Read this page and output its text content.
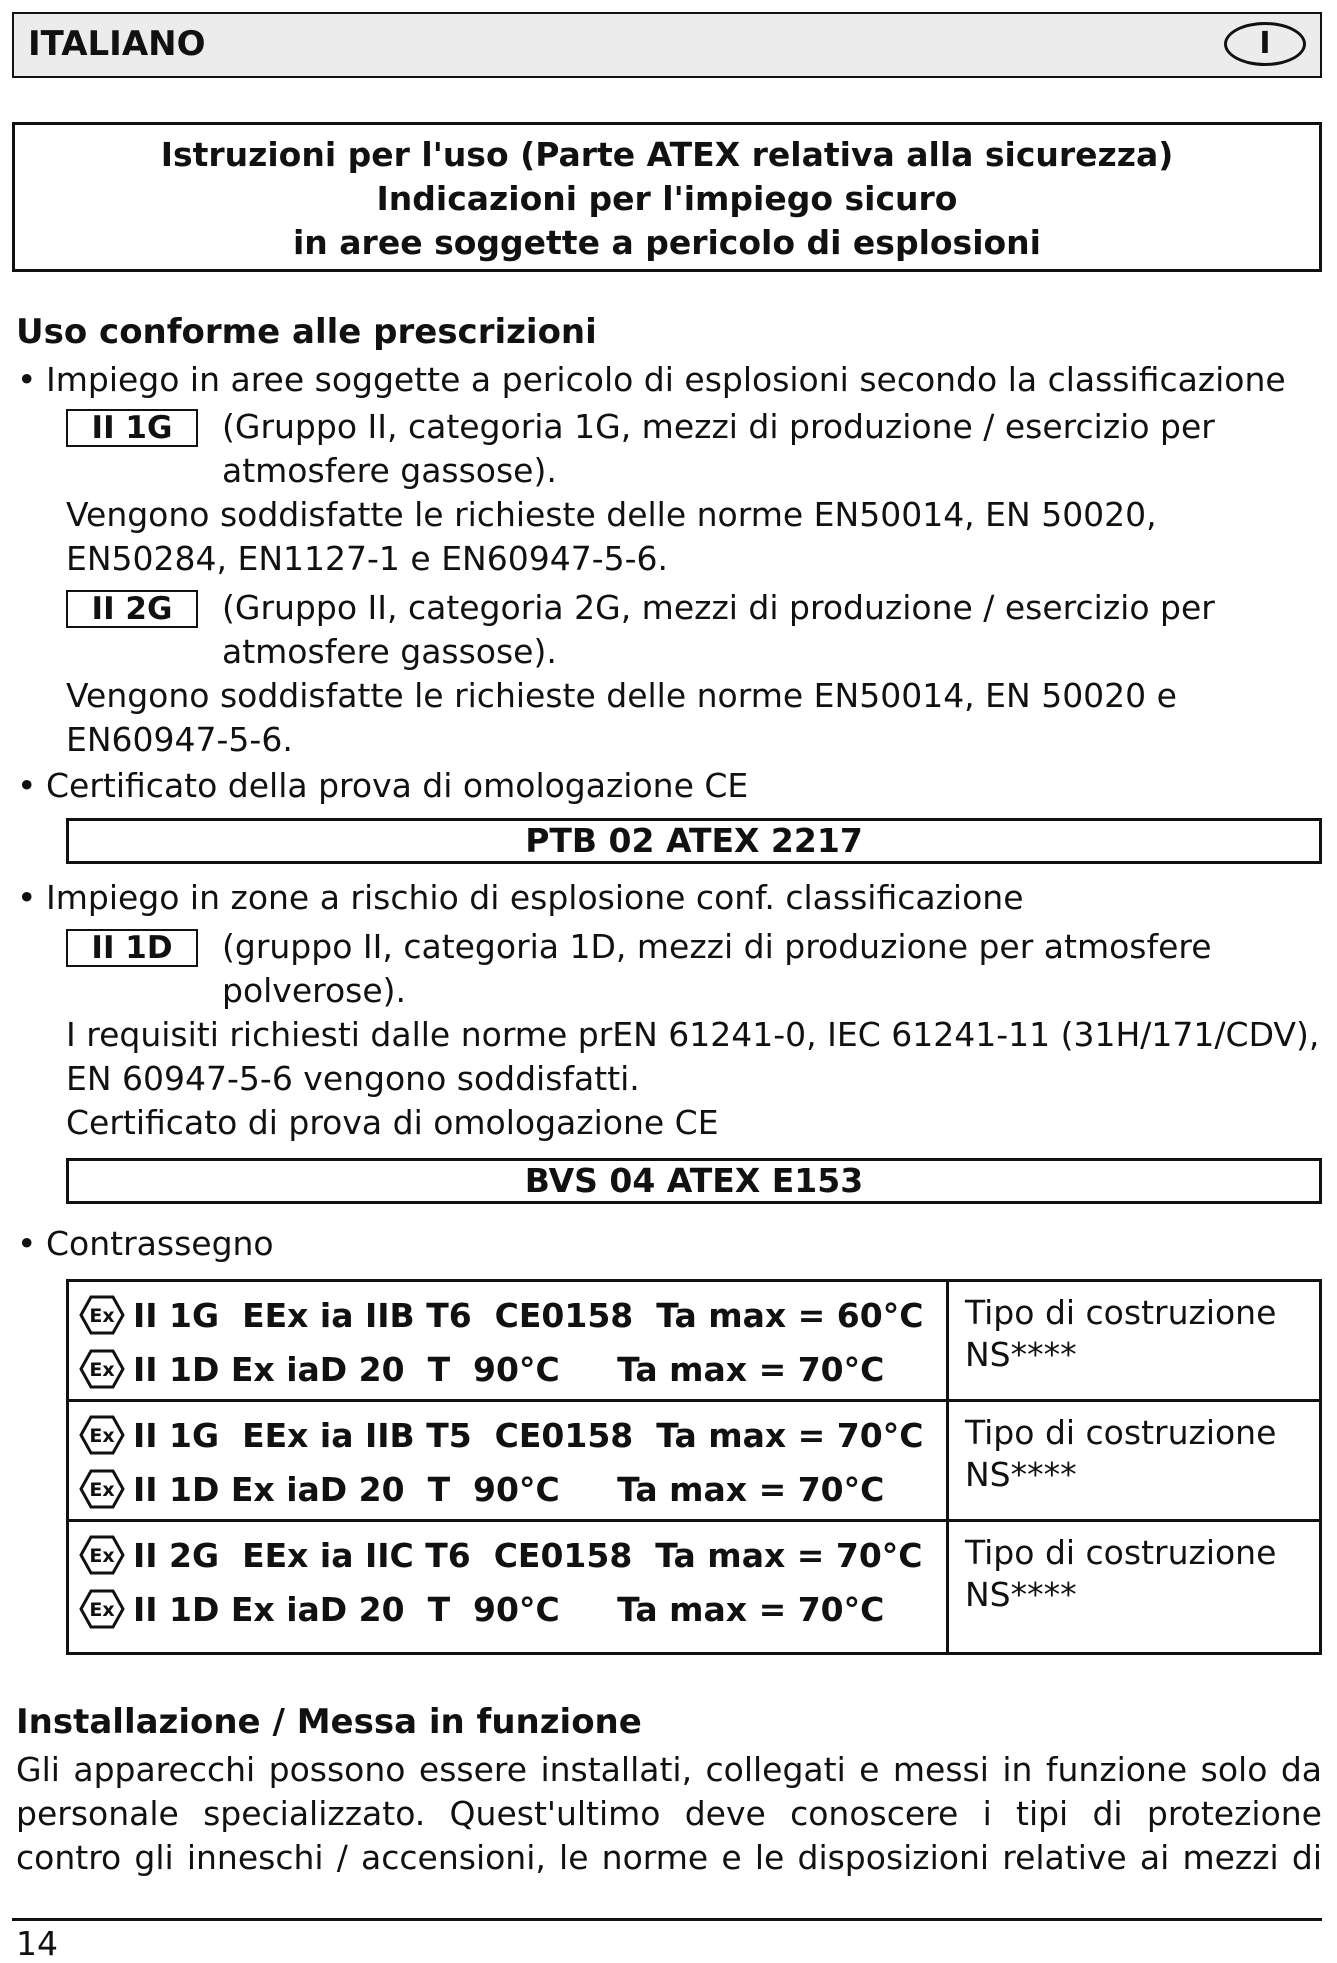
ITALIANO	I
Istruzioni per l'uso (Parte ATEX relativa alla sicurezza)
Indicazioni per l'impiego sicuro
in aree soggette a pericolo di esplosioni
Uso conforme alle prescrizioni
• Impiego in aree soggette a pericolo di esplosioni secondo la classificazione
II 1G	(Gruppo II, categoria 1G, mezzi di produzione / esercizio per
atmosfere gassose).
Vengono soddisfatte le richieste delle norme EN50014, EN 50020,
EN50284, EN1127-1 e EN60947-5-6.
II 2G	(Gruppo II, categoria 2G, mezzi di produzione / esercizio per
atmosfere gassose).
Vengono soddisfatte le richieste delle norme EN50014, EN 50020 e
EN60947-5-6.
• Certificato della prova di omologazione CE
PTB 02 ATEX 2217
• Impiego in zone a rischio di esplosione conf. classificazione
II 1D	(gruppo II, categoria 1D, mezzi di produzione per atmosfere
polverose).
I requisiti richiesti dalle norme prEN 61241-0, IEC 61241-11 (31H/171/CDV),
EN 60947-5-6 vengono soddisfatti.
Certificato di prova di omologazione CE
BVS 04 ATEX E153
• Contrassegno
Ex II 1G  EEx ia IIB T6  CE0158  Ta max = 60°C
Ex II 1D Ex iaD 20  T  90°C     Ta max = 70°C
Tipo di costruzione
NS****
Ex II 1G  EEx ia IIB T5  CE0158  Ta max = 70°C
Ex II 1D Ex iaD 20  T  90°C     Ta max = 70°C
Tipo di costruzione
NS****
Ex II 2G  EEx ia IIC T6  CE0158  Ta max = 70°C
Ex II 1D Ex iaD 20  T  90°C     Ta max = 70°C
Tipo di costruzione
NS****
Installazione / Messa in funzione
Gli apparecchi possono essere installati, collegati e messi in funzione solo da
personale specializzato. Quest'ultimo deve conoscere i tipi di protezione
contro gli inneschi / accensioni, le norme e le disposizioni relative ai mezzi di
14
